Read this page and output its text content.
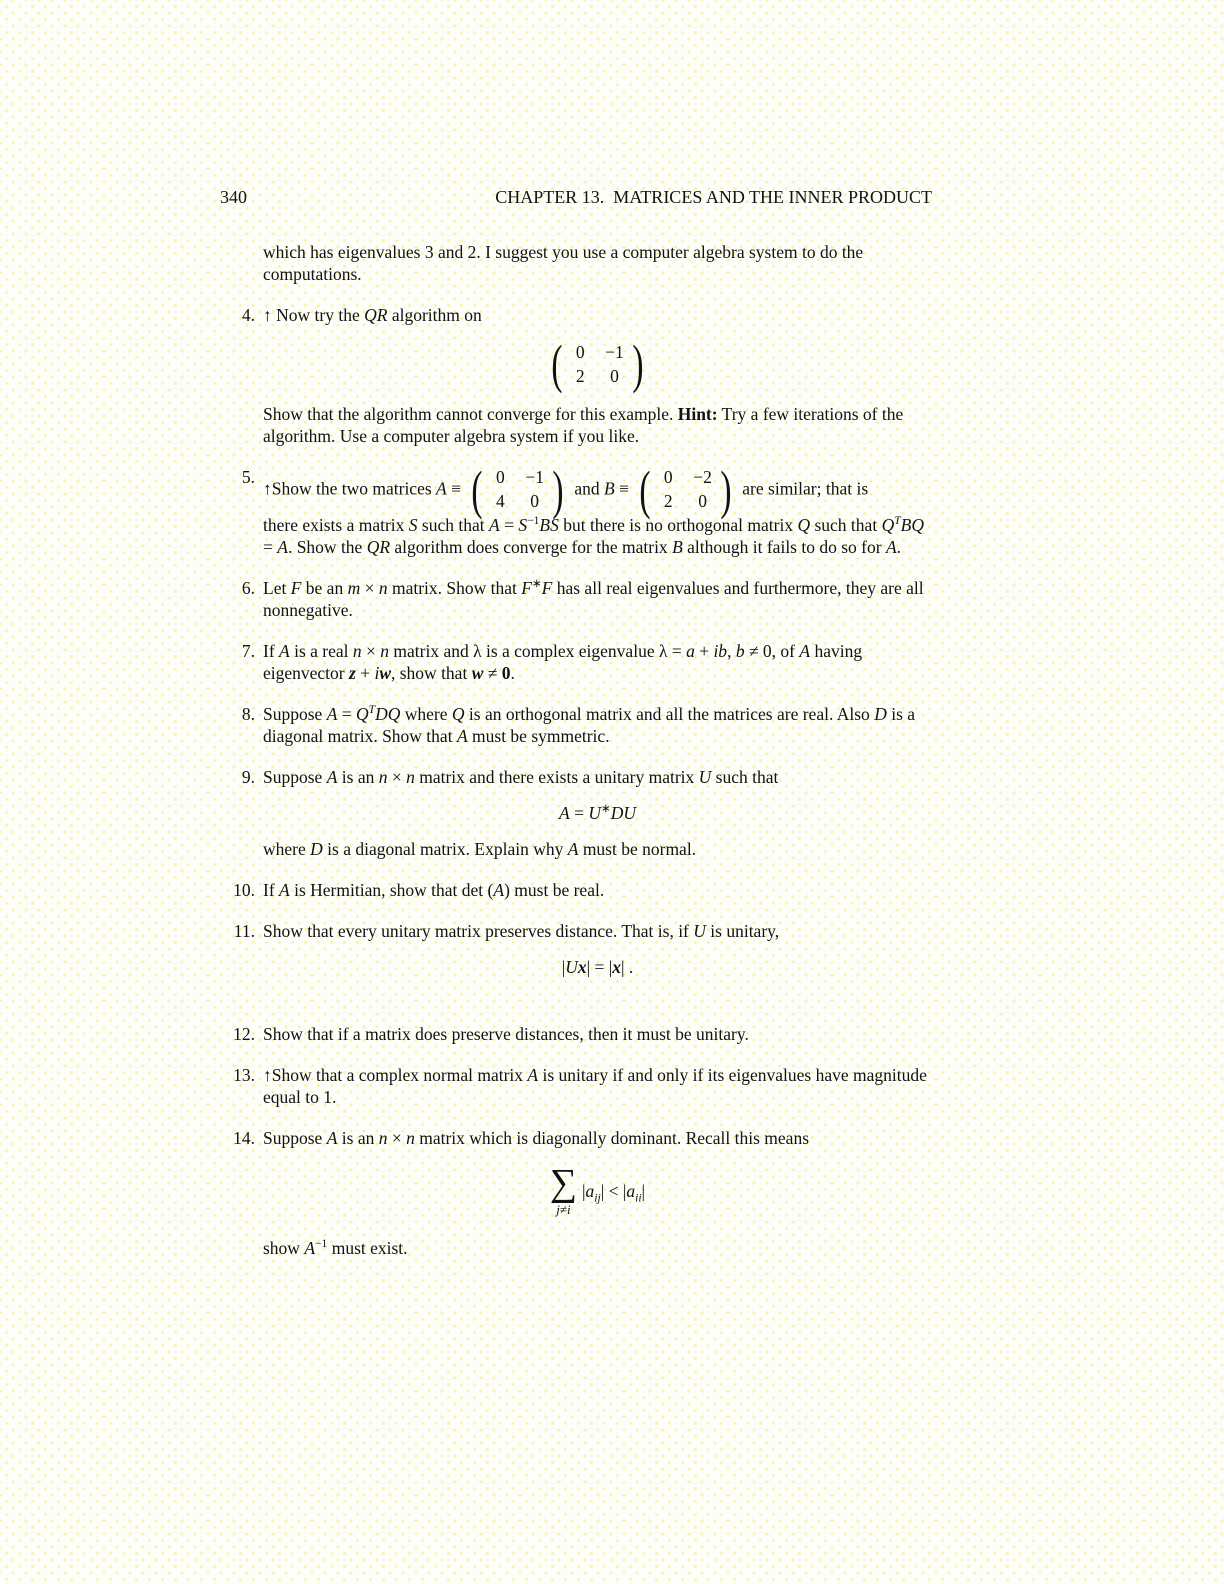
340	CHAPTER 13.  MATRICES AND THE INNER PRODUCT
which has eigenvalues 3 and 2. I suggest you use a computer algebra system to do the computations.
4. ↑ Now try the QR algorithm on
( 0 −1
2 0 )
Show that the algorithm cannot converge for this example. Hint: Try a few iterations of the algorithm. Use a computer algebra system if you like.
5.
↑Show the two matrices A ≡ ( 0 −1
4 0 ) and B ≡ ( 0 −2
2 0 ) are similar; that is
there exists a matrix S such that $A = S^{-1}BS$ but there is no orthogonal matrix Q such that $Q^TBQ = A$. Show the QR algorithm does converge for the matrix B although it fails to do so for A.
6. Let F be an m × n matrix. Show that F∗F has all real eigenvalues and furthermore, they are all nonnegative.
7. If A is a real n × n matrix and λ is a complex eigenvalue λ = a + ib, b ≠ 0, of A having eigenvector z + iw, show that w ≠ 0.
8. Suppose $A = Q^TDQ$ where Q is an orthogonal matrix and all the matrices are real. Also D is a diagonal matrix. Show that A must be symmetric.
9. Suppose A is an n × n matrix and there exists a unitary matrix U such that
A = U∗DU
where D is a diagonal matrix. Explain why A must be normal.
10. If A is Hermitian, show that det (A) must be real.
11. Show that every unitary matrix preserves distance. That is, if U is unitary,
|Ux| = |x| .
12. Show that if a matrix does preserve distances, then it must be unitary.
13. ↑Show that a complex normal matrix A is unitary if and only if its eigenvalues have magnitude equal to 1.
14. Suppose A is an n × n matrix which is diagonally dominant. Recall this means
∑
j≠i
$|a_{ij}| < |a_{ii}|$
show $A^{-1}$ must exist.
